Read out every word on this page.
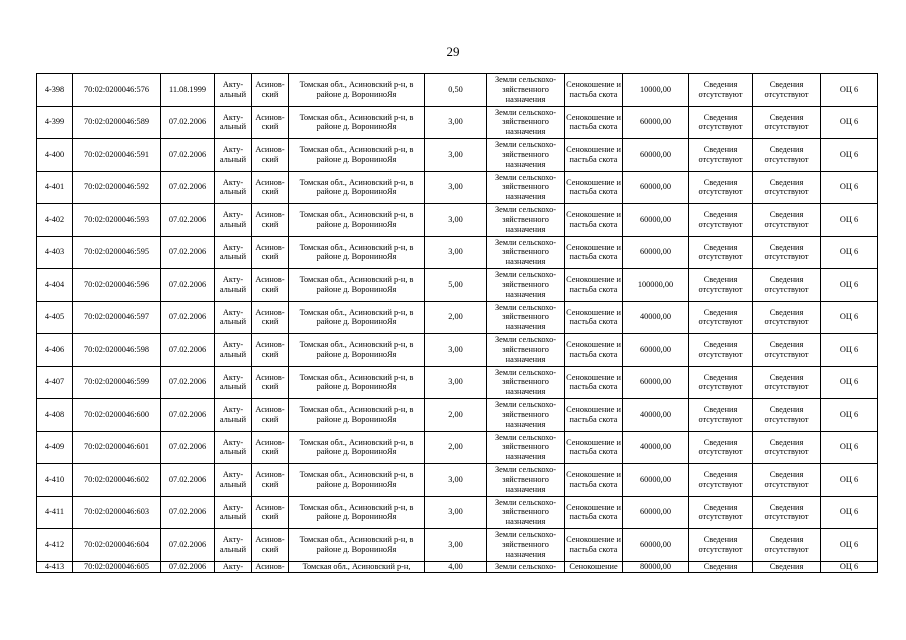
29
4-398	70:02:0200046:576	11.08.1999	Акту-альный	Асинов-ский	Томская обл., Асиновский р-н, в районе д. ВоронинoЯя	0,50	Земли сельскохо-зяйственного назначения	Сенокошение и пастьба скота	10000,00	Сведения отсутствуют	Сведения отсутствуют	ОЦ 6
4-399	70:02:0200046:589	07.02.2006	Акту-альный	Асинов-ский	Томская обл., Асиновский р-н, в районе д. ВоронинoЯя	3,00	Земли сельскохо-зяйственного назначения	Сенокошение и пастьба скота	60000,00	Сведения отсутствуют	Сведения отсутствуют	ОЦ 6
4-400	70:02:0200046:591	07.02.2006	Акту-альный	Асинов-ский	Томская обл., Асиновский р-н, в районе д. ВоронинoЯя	3,00	Земли сельскохо-зяйственного назначения	Сенокошение и пастьба скота	60000,00	Сведения отсутствуют	Сведения отсутствуют	ОЦ 6
4-401	70:02:0200046:592	07.02.2006	Акту-альный	Асинов-ский	Томская обл., Асиновский р-н, в районе д. ВоронинoЯя	3,00	Земли сельскохо-зяйственного назначения	Сенокошение и пастьба скота	60000,00	Сведения отсутствуют	Сведения отсутствуют	ОЦ 6
4-402	70:02:0200046:593	07.02.2006	Акту-альный	Асинов-ский	Томская обл., Асиновский р-н, в районе д. ВоронинoЯя	3,00	Земли сельскохо-зяйственного назначения	Сенокошение и пастьба скота	60000,00	Сведения отсутствуют	Сведения отсутствуют	ОЦ 6
4-403	70:02:0200046:595	07.02.2006	Акту-альный	Асинов-ский	Томская обл., Асиновский р-н, в районе д. ВоронинoЯя	3,00	Земли сельскохо-зяйственного назначения	Сенокошение и пастьба скота	60000,00	Сведения отсутствуют	Сведения отсутствуют	ОЦ 6
4-404	70:02:0200046:596	07.02.2006	Акту-альный	Асинов-ский	Томская обл., Асиновский р-н, в районе д. ВоронинoЯя	5,00	Земли сельскохо-зяйственного назначения	Сенокошение и пастьба скота	100000,00	Сведения отсутствуют	Сведения отсутствуют	ОЦ 6
4-405	70:02:0200046:597	07.02.2006	Акту-альный	Асинов-ский	Томская обл., Асиновский р-н, в районе д. ВоронинoЯя	2,00	Земли сельскохо-зяйственного назначения	Сенокошение и пастьба скота	40000,00	Сведения отсутствуют	Сведения отсутствуют	ОЦ 6
4-406	70:02:0200046:598	07.02.2006	Акту-альный	Асинов-ский	Томская обл., Асиновский р-н, в районе д. ВоронинoЯя	3,00	Земли сельскохо-зяйственного назначения	Сенокошение и пастьба скота	60000,00	Сведения отсутствуют	Сведения отсутствуют	ОЦ 6
4-407	70:02:0200046:599	07.02.2006	Акту-альный	Асинов-ский	Томская обл., Асиновский р-н, в районе д. ВоронинoЯя	3,00	Земли сельскохо-зяйственного назначения	Сенокошение и пастьба скота	60000,00	Сведения отсутствуют	Сведения отсутствуют	ОЦ 6
4-408	70:02:0200046:600	07.02.2006	Акту-альный	Асинов-ский	Томская обл., Асиновский р-н, в районе д. ВоронинoЯя	2,00	Земли сельскохо-зяйственного назначения	Сенокошение и пастьба скота	40000,00	Сведения отсутствуют	Сведения отсутствуют	ОЦ 6
4-409	70:02:0200046:601	07.02.2006	Акту-альный	Асинов-ский	Томская обл., Асиновский р-н, в районе д. ВоронинoЯя	2,00	Земли сельскохо-зяйственного назначения	Сенокошение и пастьба скота	40000,00	Сведения отсутствуют	Сведения отсутствуют	ОЦ 6
4-410	70:02:0200046:602	07.02.2006	Акту-альный	Асинов-ский	Томская обл., Асиновский р-н, в районе д. ВоронинoЯя	3,00	Земли сельскохо-зяйственного назначения	Сенокошение и пастьба скота	60000,00	Сведения отсутствуют	Сведения отсутствуют	ОЦ 6
4-411	70:02:0200046:603	07.02.2006	Акту-альный	Асинов-ский	Томская обл., Асиновский р-н, в районе д. ВоронинoЯя	3,00	Земли сельскохо-зяйственного назначения	Сенокошение и пастьба скота	60000,00	Сведения отсутствуют	Сведения отсутствуют	ОЦ 6
4-412	70:02:0200046:604	07.02.2006	Акту-альный	Асинов-ский	Томская обл., Асиновский р-н, в районе д. ВоронинoЯя	3,00	Земли сельскохо-зяйственного назначения	Сенокошение и пастьба скота	60000,00	Сведения отсутствуют	Сведения отсутствуют	ОЦ 6
4-413	70:02:0200046:605	07.02.2006	Акту-	Асинов-	Томская обл., Асиновский р-н,	4,00	Земли сельскохо-	Сенокошение	80000,00	Сведения	Сведения	ОЦ 6
